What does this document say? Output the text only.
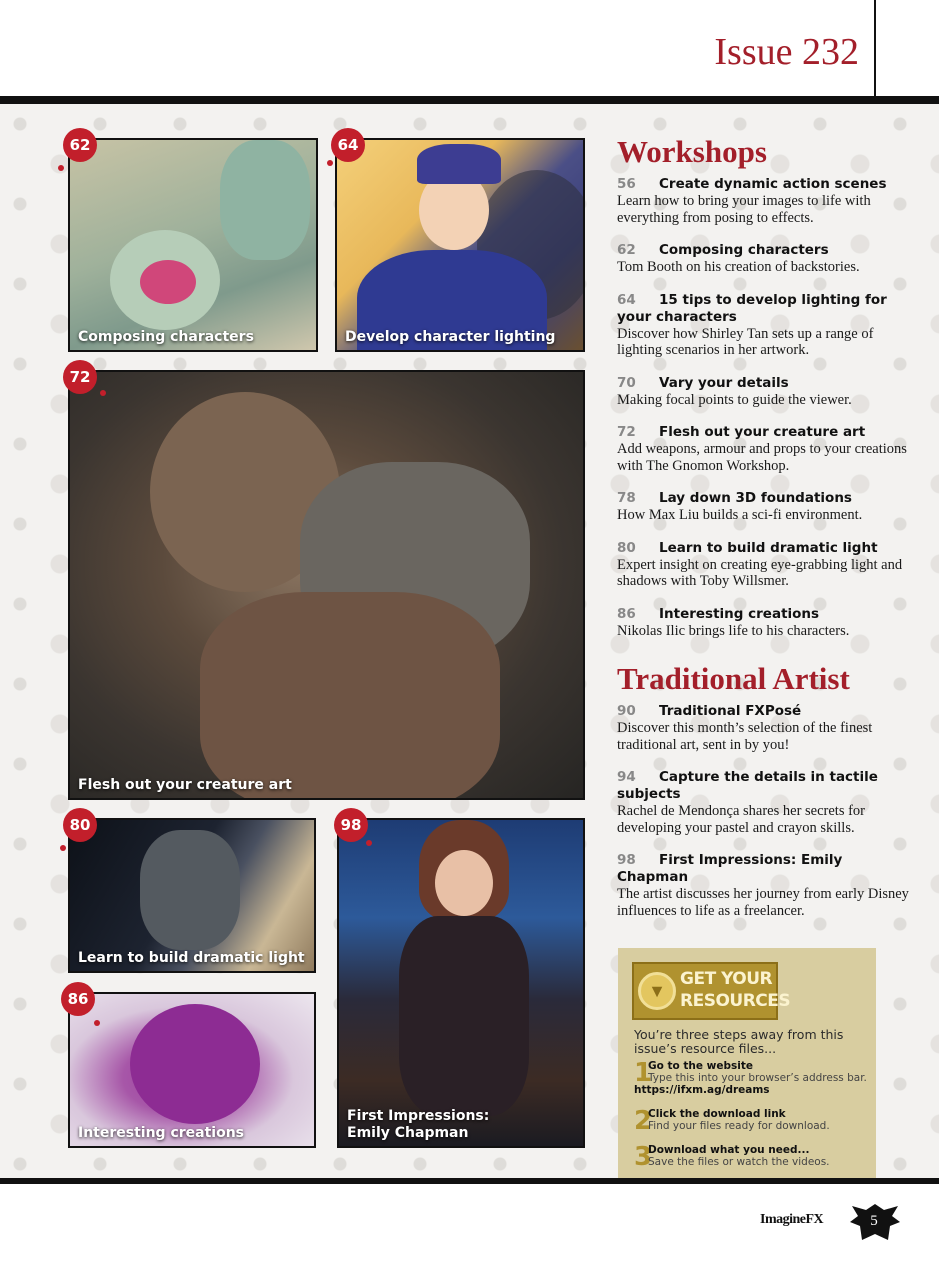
Issue 232
Composing characters
62
Develop character lighting
64
Flesh out your creature art
72
Learn to build dramatic light
80
Interesting creations
86
First Impressions:
Emily Chapman
98
Workshops
56 Create dynamic action scenes
Learn how to bring your images to life with everything from posing to effects.
62 Composing characters
Tom Booth on his creation of backstories.
64 15 tips to develop lighting for your characters
Discover how Shirley Tan sets up a range of lighting scenarios in her artwork.
70 Vary your details
Making focal points to guide the viewer.
72 Flesh out your creature art
Add weapons, armour and props to your creations with The Gnomon Workshop.
78 Lay down 3D foundations
How Max Liu builds a sci-fi environment.
80 Learn to build dramatic light
Expert insight on creating eye-grabbing light and shadows with Toby Willsmer.
86 Interesting creations
Nikolas Ilic brings life to his characters.
Traditional Artist
90 Traditional FXPosé
Discover this month’s selection of the finest traditional art, sent in by you!
94 Capture the details in tactile subjects
Rachel de Mendonça shares her secrets for developing your pastel and crayon skills.
98 First Impressions: Emily Chapman
The artist discusses her journey from early Disney influences to life as a freelancer.
▼
GET YOUR
RESOURCES
You’re three steps away from this issue’s resource files...
1
Go to the website
Type this into your browser’s address bar.
https://ifxm.ag/dreams
2
Click the download link
Find your files ready for download.
3
Download what you need...
Save the files or watch the videos.
ImagineFX	5
